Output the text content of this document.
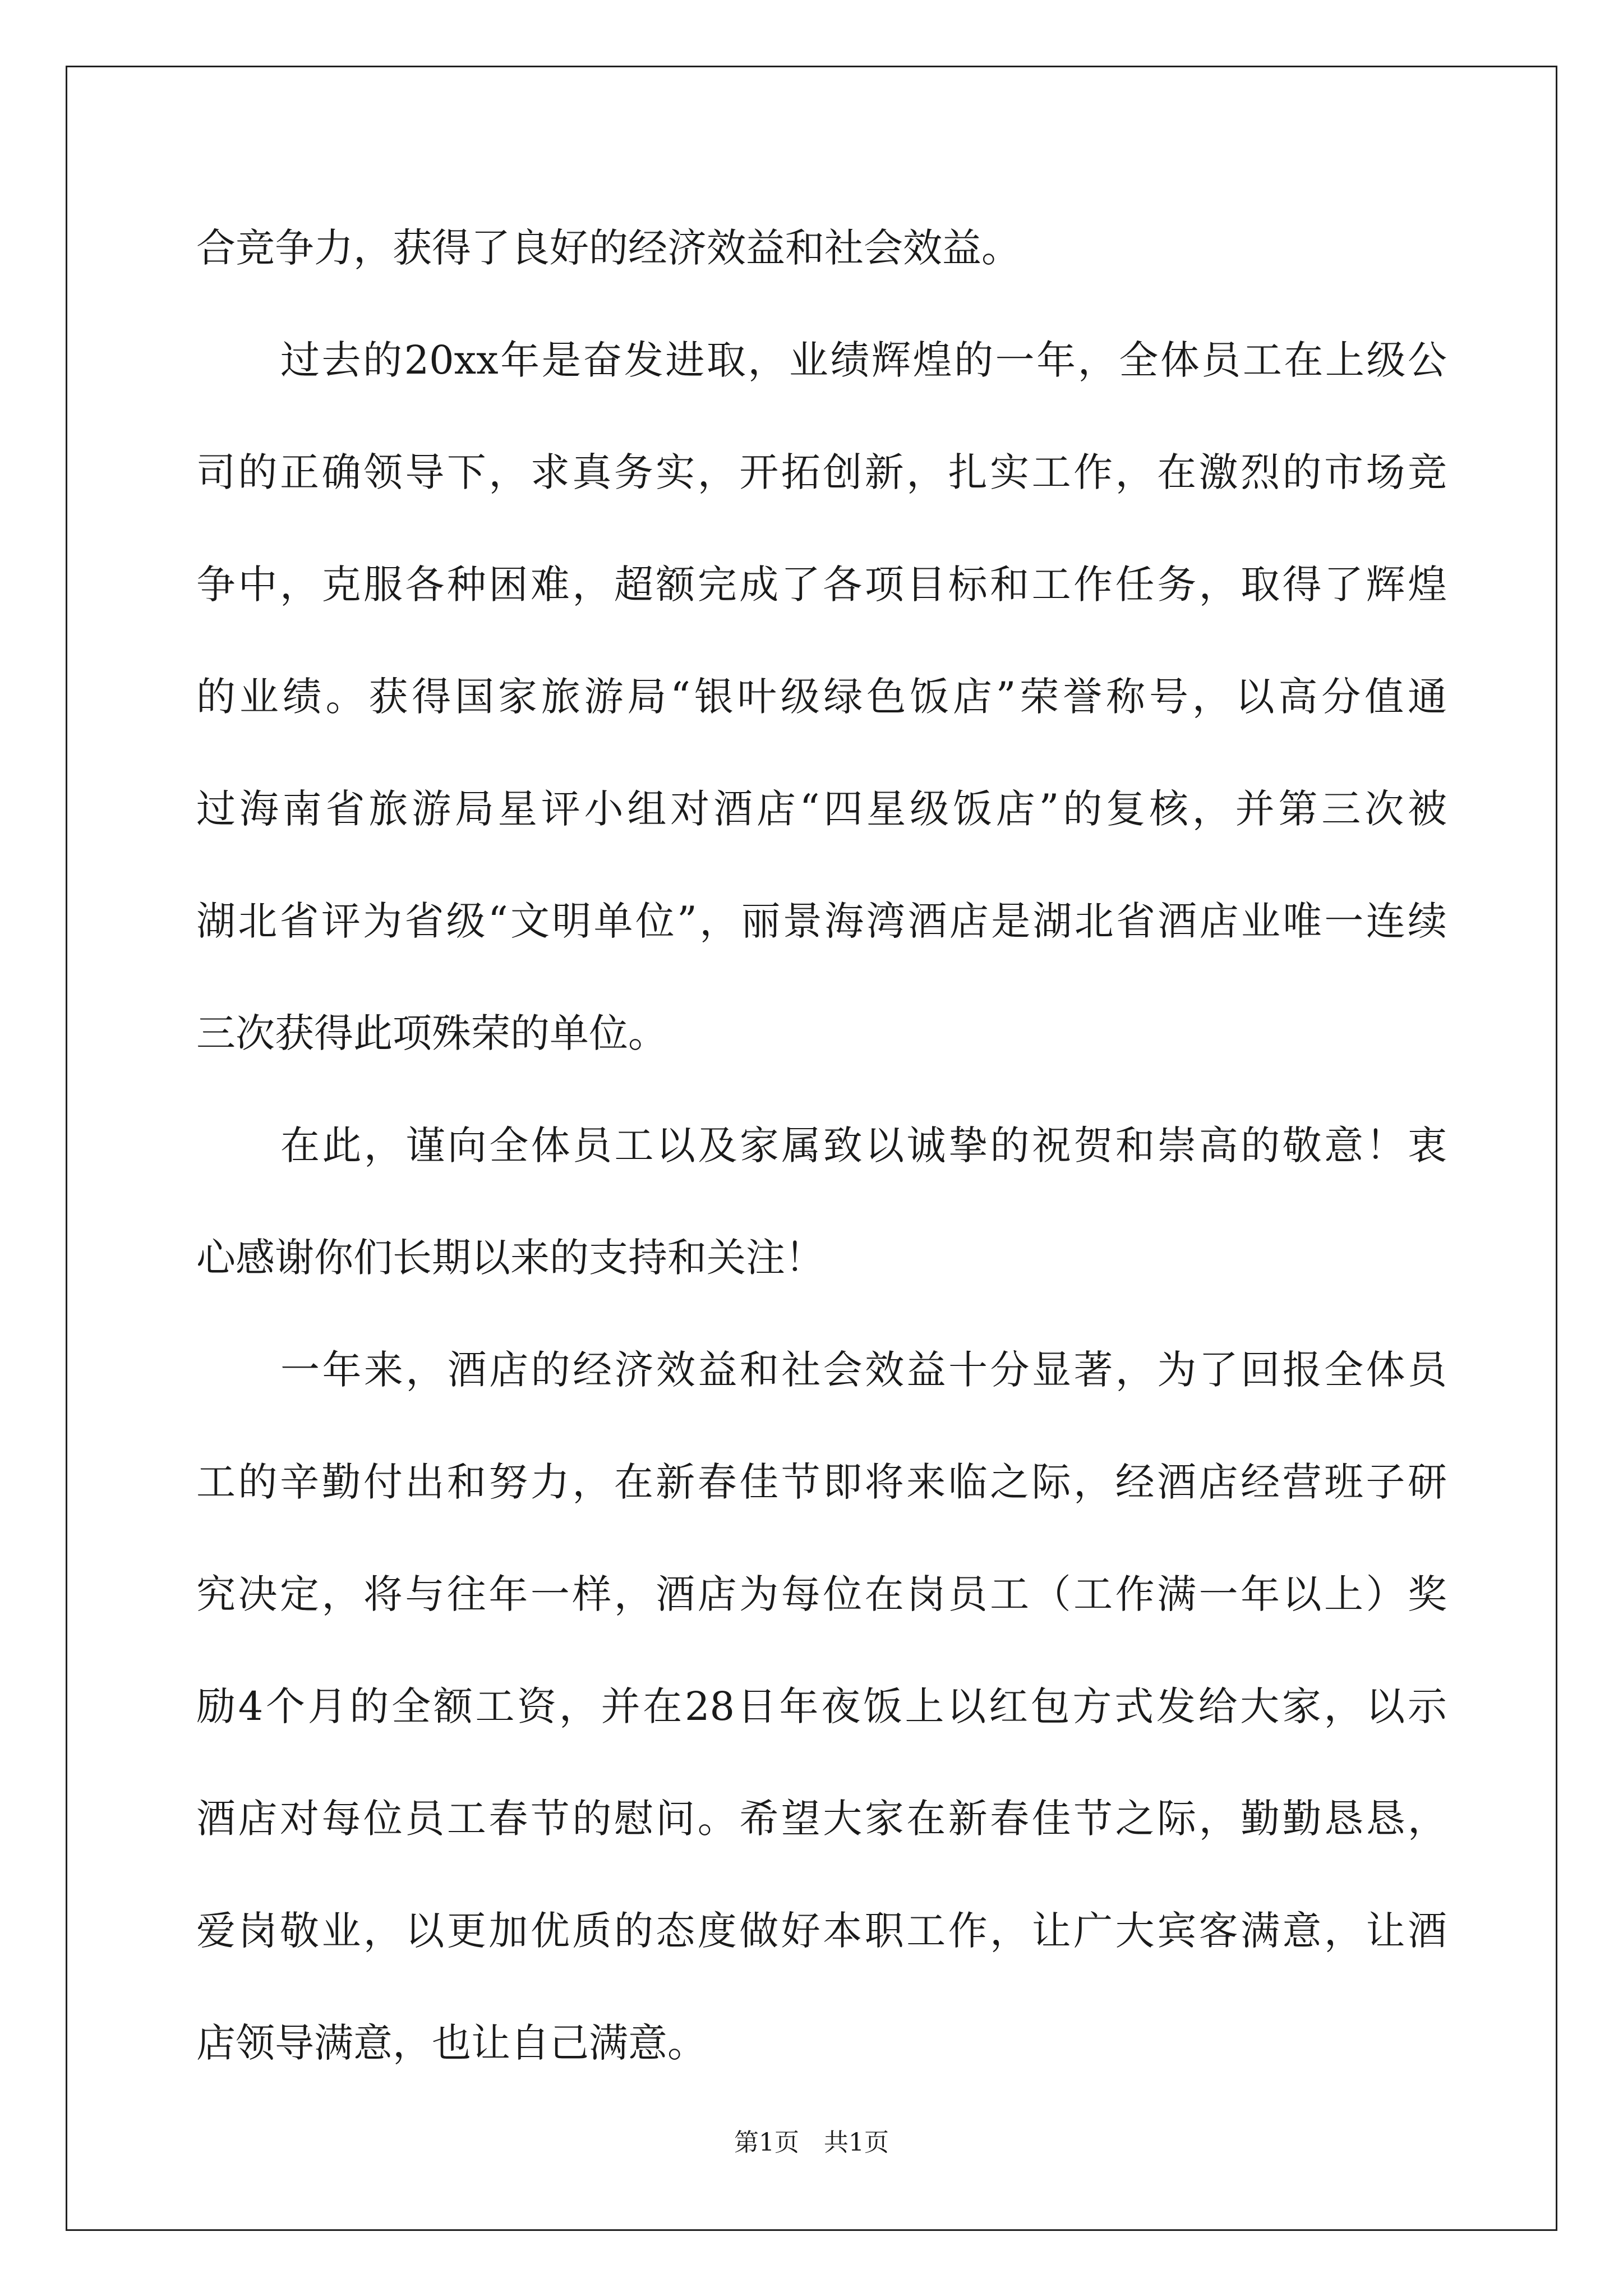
合竞争力，获得了良好的经济效益和社会效益。
过去的20xx年是奋发进取，业绩辉煌的一年，全体员工在上级公
司的正确领导下，求真务实，开拓创新，扎实工作，在激烈的市场竞
争中，克服各种困难，超额完成了各项目标和工作任务，取得了辉煌
的业绩。获得国家旅游局“银叶级绿色饭店”荣誉称号，以高分值通
过海南省旅游局星评小组对酒店“四星级饭店”的复核，并第三次被
湖北省评为省级“文明单位”，丽景海湾酒店是湖北省酒店业唯一连续
三次获得此项殊荣的单位。
在此，谨向全体员工以及家属致以诚挚的祝贺和崇高的敬意！衷
心感谢你们长期以来的支持和关注！
一年来，酒店的经济效益和社会效益十分显著，为了回报全体员
工的辛勤付出和努力，在新春佳节即将来临之际，经酒店经营班子研
究决定，将与往年一样，酒店为每位在岗员工（工作满一年以上）奖
励4个月的全额工资，并在28日年夜饭上以红包方式发给大家，以示
酒店对每位员工春节的慰问。希望大家在新春佳节之际，勤勤恳恳，
爱岗敬业，以更加优质的态度做好本职工作，让广大宾客满意，让酒
店领导满意，也让自己满意。
第1页　共1页
